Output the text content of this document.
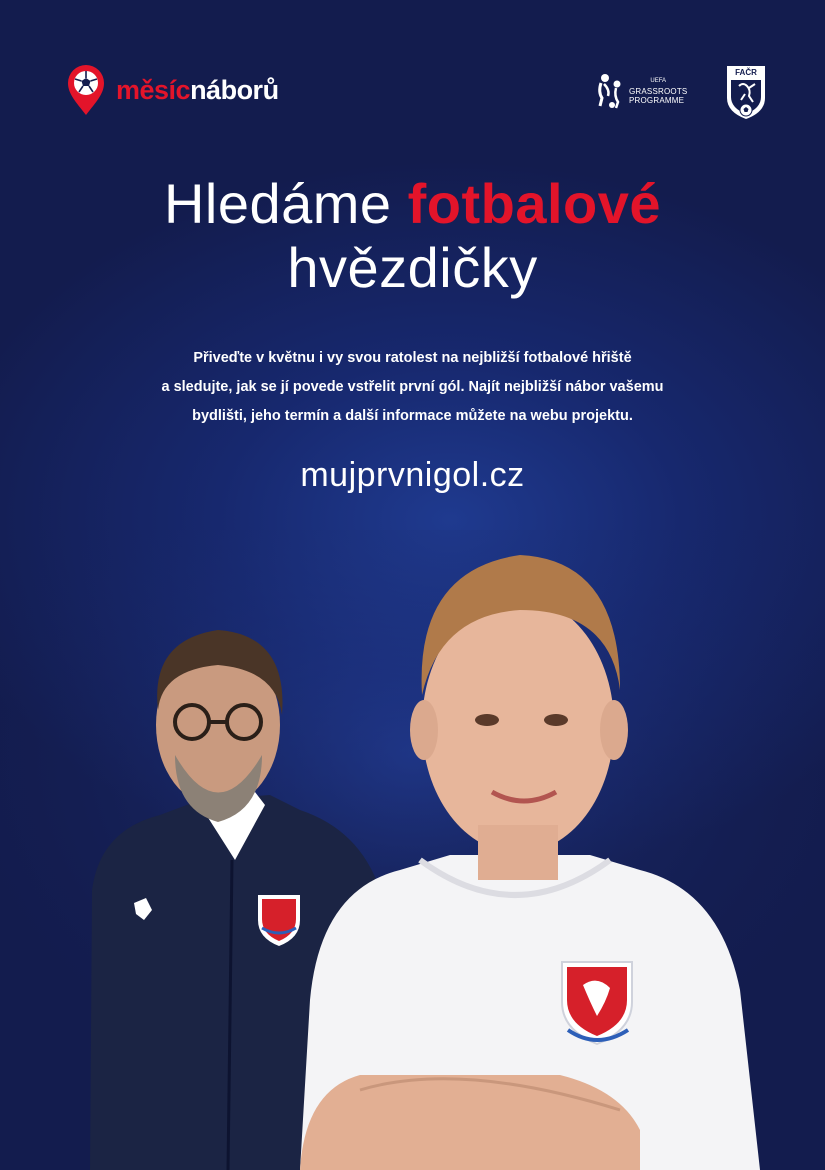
měsícnáborů	UEFA
GRASSROOTS
PROGRAMME
FAČR
Hledáme fotbalové
hvězdičky
Přiveďte v květnu i vy svou ratolest na nejbližší fotbalové hřiště
a sledujte, jak se jí povede vstřelit první gól. Najít nejbližší nábor vašemu
bydlišti, jeho termín a další informace můžete na webu projektu.
mujprvnigol.cz
